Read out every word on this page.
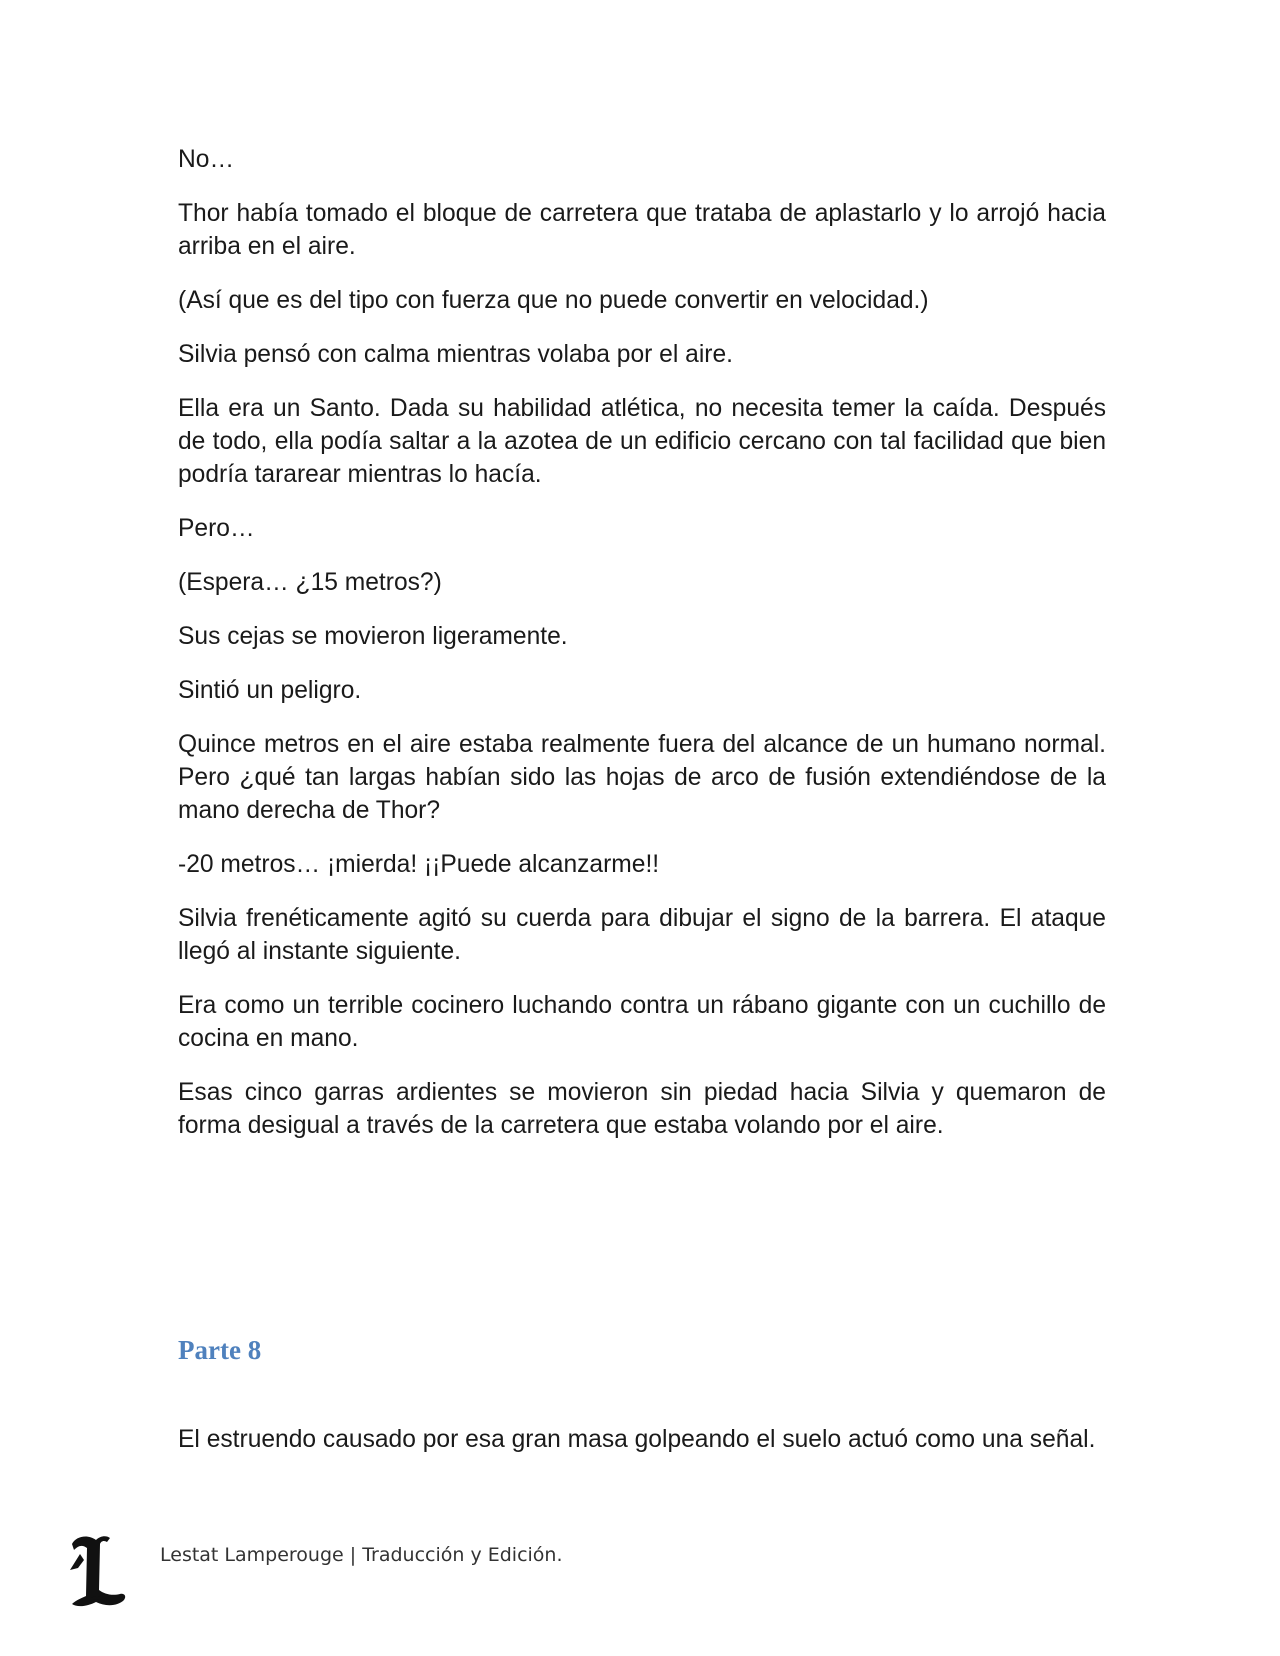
No…

Thor había tomado el bloque de carretera que trataba de aplastarlo y lo arrojó hacia arriba en el aire.

(Así que es del tipo con fuerza que no puede convertir en velocidad.)

Silvia pensó con calma mientras volaba por el aire.

Ella era un Santo. Dada su habilidad atlética, no necesita temer la caída. Después de todo, ella podía saltar a la azotea de un edificio cercano con tal facilidad que bien podría tararear mientras lo hacía.

Pero…

(Espera… ¿15 metros?)

Sus cejas se movieron ligeramente.

Sintió un peligro.

Quince metros en el aire estaba realmente fuera del alcance de un humano normal. Pero ¿qué tan largas habían sido las hojas de arco de fusión extendiéndose de la mano derecha de Thor?

-20 metros… ¡mierda! ¡¡Puede alcanzarme!!

Silvia frenéticamente agitó su cuerda para dibujar el signo de la barrera. El ataque llegó al instante siguiente.

Era como un terrible cocinero luchando contra un rábano gigante con un cuchillo de cocina en mano.

Esas cinco garras ardientes se movieron sin piedad hacia Silvia y quemaron de forma desigual a través de la carretera que estaba volando por el aire.

Parte 8

El estruendo causado por esa gran masa golpeando el suelo actuó como una señal.

Lestat Lamperouge | Traducción y Edición.
